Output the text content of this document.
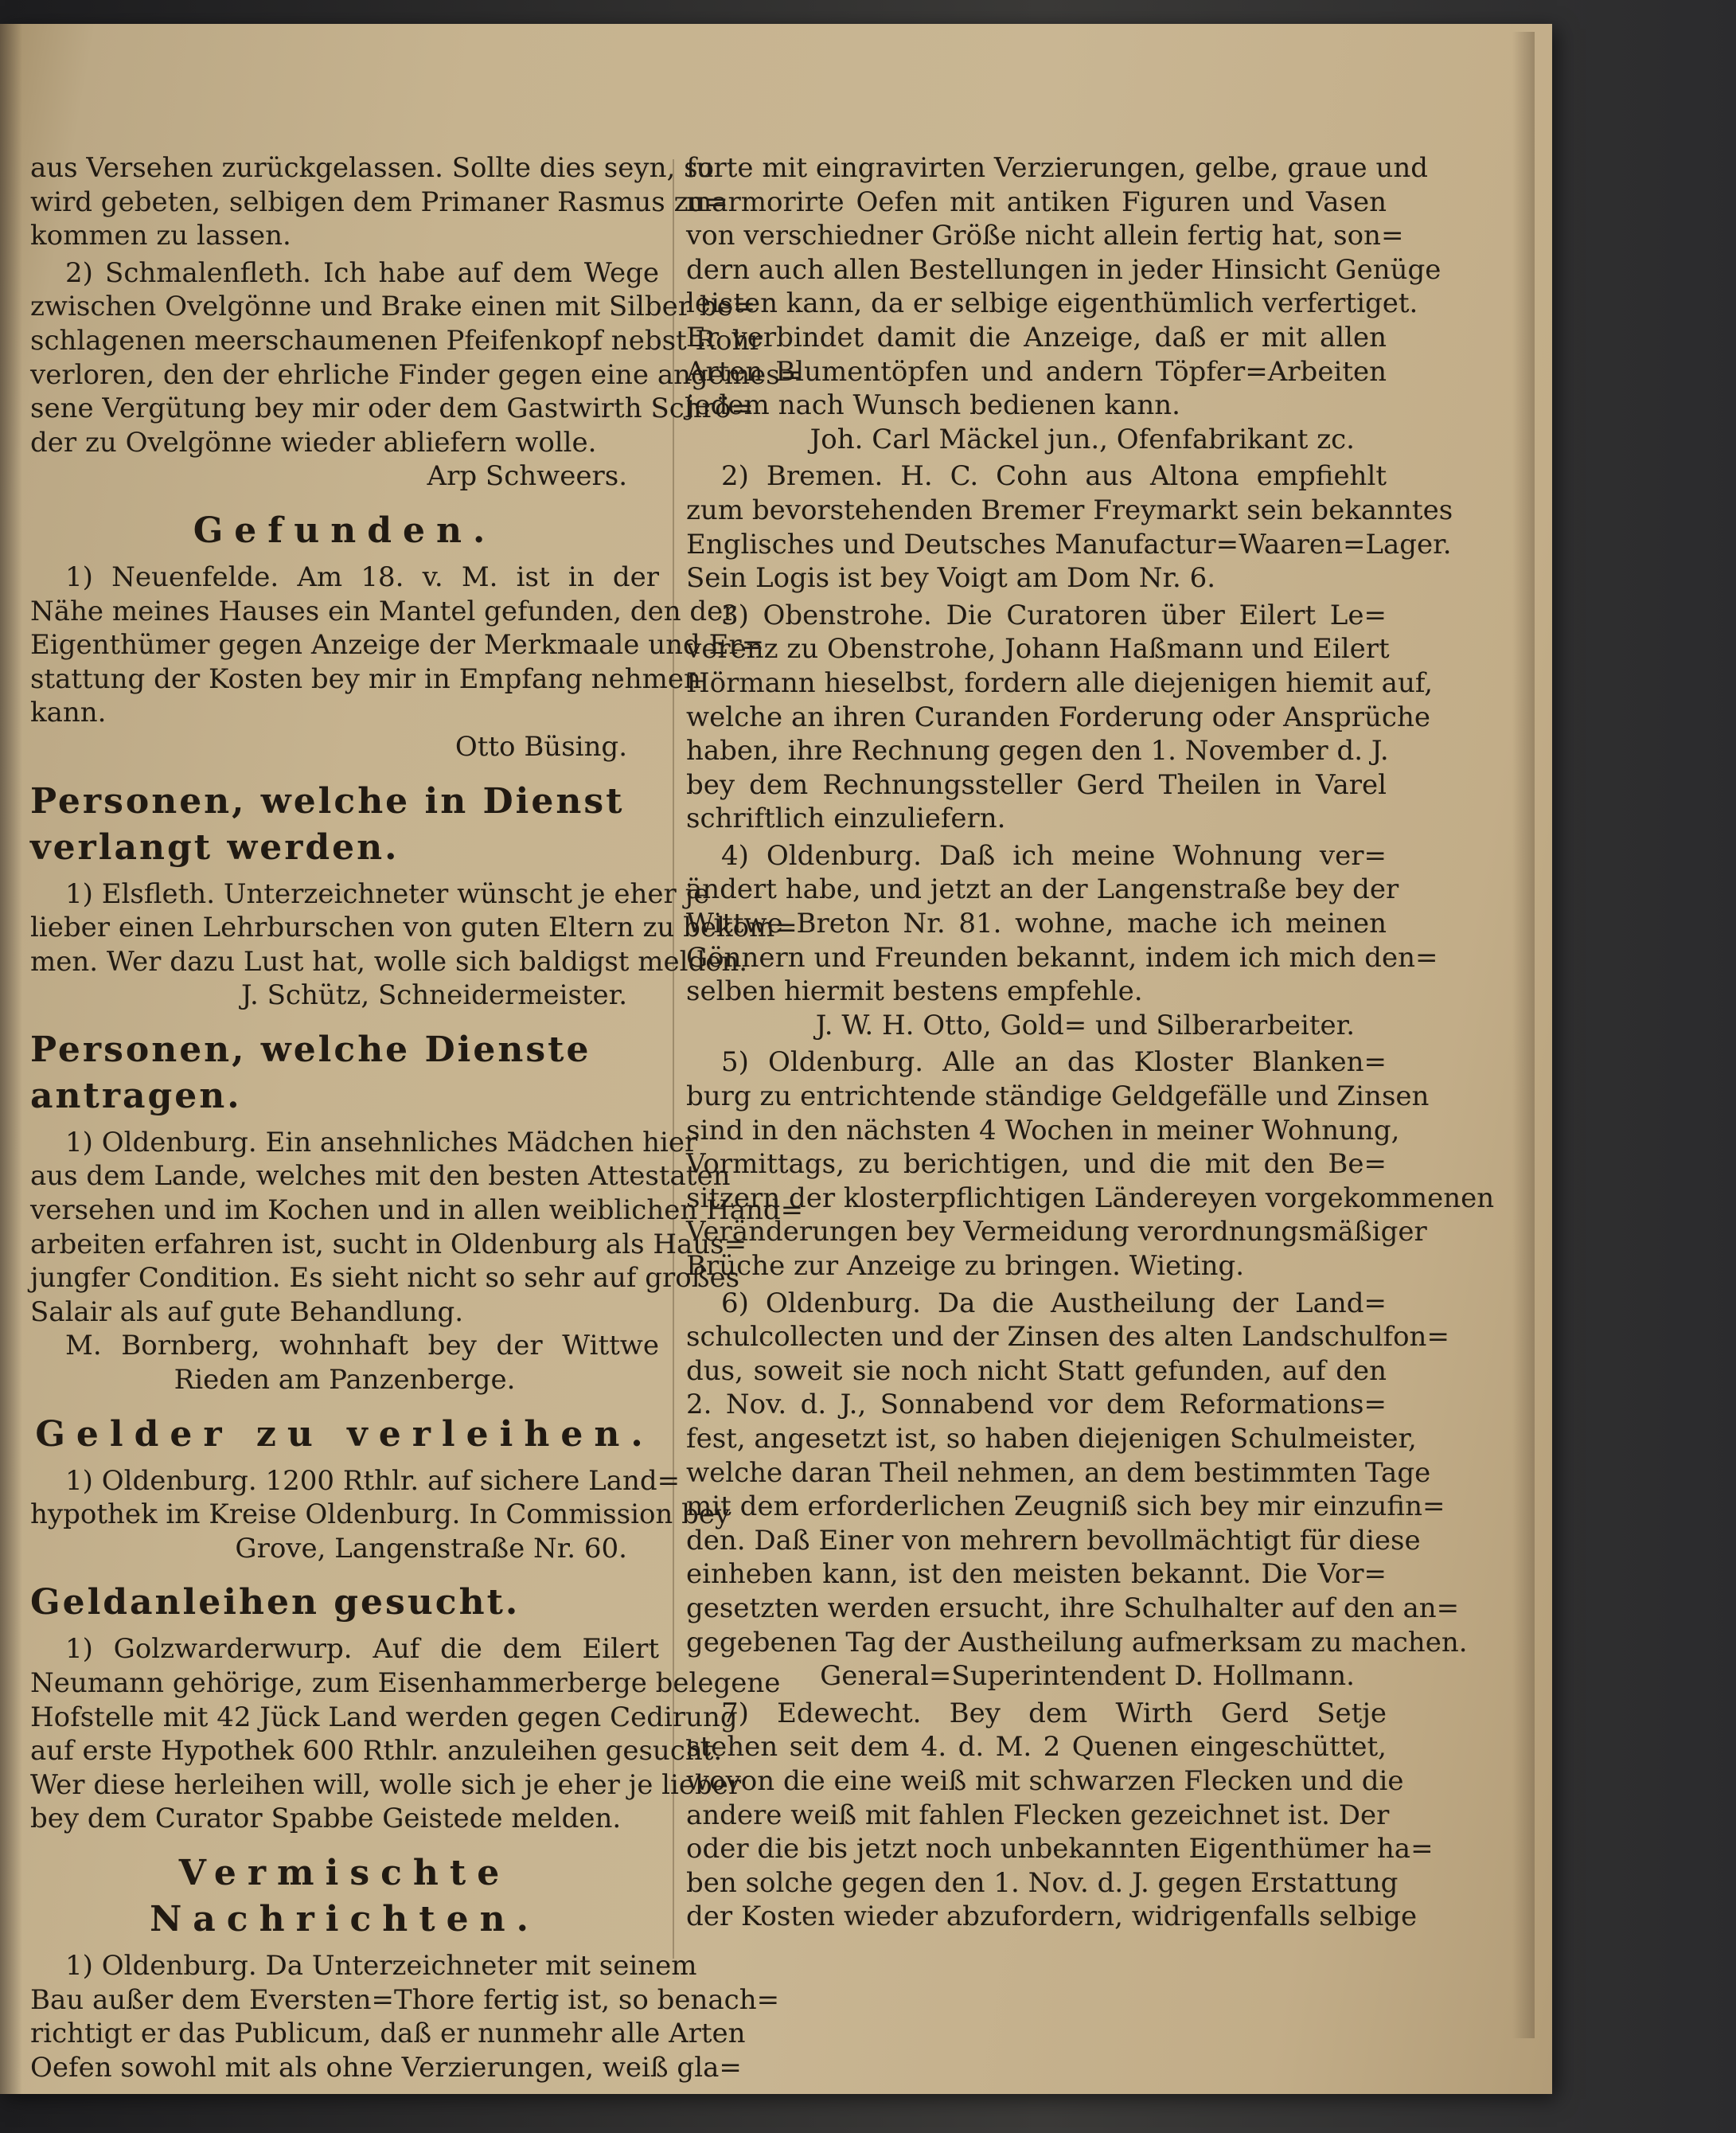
aus Versehen zurückgelassen. Sollte dies seyn, so
wird gebeten, selbigen dem Primaner Rasmus zu=
kommen zu lassen.
2) Schmalenfleth. Ich habe auf dem Wege
zwischen Ovelgönne und Brake einen mit Silber be=
schlagenen meerschaumenen Pfeifenkopf nebst Rohr
verloren, den der ehrliche Finder gegen eine angemes=
sene Vergütung bey mir oder dem Gastwirth Schrö=
der zu Ovelgönne wieder abliefern wolle.
Arp Schweers.
Gefunden.
1) Neuenfelde. Am 18. v. M. ist in der
Nähe meines Hauses ein Mantel gefunden, den der
Eigenthümer gegen Anzeige der Merkmaale und Er=
stattung der Kosten bey mir in Empfang nehmen
kann.
Otto Büsing.
Personen, welche in Dienst verlangt werden.
1) Elsfleth. Unterzeichneter wünscht je eher je
lieber einen Lehrburschen von guten Eltern zu bekom=
men. Wer dazu Lust hat, wolle sich baldigst melden.
J. Schütz, Schneidermeister.
Personen, welche Dienste antragen.
1) Oldenburg. Ein ansehnliches Mädchen hier
aus dem Lande, welches mit den besten Attestaten
versehen und im Kochen und in allen weiblichen Hand=
arbeiten erfahren ist, sucht in Oldenburg als Haus=
jungfer Condition. Es sieht nicht so sehr auf großes
Salair als auf gute Behandlung.
M. Bornberg, wohnhaft bey der Wittwe
Rieden am Panzenberge.
Gelder zu verleihen.
1) Oldenburg. 1200 Rthlr. auf sichere Land=
hypothek im Kreise Oldenburg. In Commission bey
Grove, Langenstraße Nr. 60.
Geldanleihen gesucht.
1) Golzwarderwurp. Auf die dem Eilert
Neumann gehörige, zum Eisenhammerberge belegene
Hofstelle mit 42 Jück Land werden gegen Cedirung
auf erste Hypothek 600 Rthlr. anzuleihen gesucht.
Wer diese herleihen will, wolle sich je eher je lieber
bey dem Curator Spabbe Geistede melden.
Vermischte Nachrichten.
1) Oldenburg. Da Unterzeichneter mit seinem
Bau außer dem Eversten=Thore fertig ist, so benach=
richtigt er das Publicum, daß er nunmehr alle Arten
Oefen sowohl mit als ohne Verzierungen, weiß gla=
furte mit eingravirten Verzierungen, gelbe, graue und
marmorirte Oefen mit antiken Figuren und Vasen
von verschiedner Größe nicht allein fertig hat, son=
dern auch allen Bestellungen in jeder Hinsicht Genüge
leisten kann, da er selbige eigenthümlich verfertiget.
Er verbindet damit die Anzeige, daß er mit allen
Arten Blumentöpfen und andern Töpfer=Arbeiten
jedem nach Wunsch bedienen kann.
Joh. Carl Mäckel jun., Ofenfabrikant zc.
2) Bremen. H. C. Cohn aus Altona empfiehlt
zum bevorstehenden Bremer Freymarkt sein bekanntes
Englisches und Deutsches Manufactur=Waaren=Lager.
Sein Logis ist bey Voigt am Dom Nr. 6.
3) Obenstrohe. Die Curatoren über Eilert Le=
verenz zu Obenstrohe, Johann Haßmann und Eilert
Hörmann hieselbst, fordern alle diejenigen hiemit auf,
welche an ihren Curanden Forderung oder Ansprüche
haben, ihre Rechnung gegen den 1. November d. J.
bey dem Rechnungssteller Gerd Theilen in Varel
schriftlich einzuliefern.
4) Oldenburg. Daß ich meine Wohnung ver=
ändert habe, und jetzt an der Langenstraße bey der
Wittwe Breton Nr. 81. wohne, mache ich meinen
Gönnern und Freunden bekannt, indem ich mich den=
selben hiermit bestens empfehle.
J. W. H. Otto, Gold= und Silberarbeiter.
5) Oldenburg. Alle an das Kloster Blanken=
burg zu entrichtende ständige Geldgefälle und Zinsen
sind in den nächsten 4 Wochen in meiner Wohnung,
Vormittags, zu berichtigen, und die mit den Be=
sitzern der klosterpflichtigen Ländereyen vorgekommenen
Veränderungen bey Vermeidung verordnungsmäßiger
Brüche zur Anzeige zu bringen. Wieting.
6) Oldenburg. Da die Austheilung der Land=
schulcollecten und der Zinsen des alten Landschulfon=
dus, soweit sie noch nicht Statt gefunden, auf den
2. Nov. d. J., Sonnabend vor dem Reformations=
fest, angesetzt ist, so haben diejenigen Schulmeister,
welche daran Theil nehmen, an dem bestimmten Tage
mit dem erforderlichen Zeugniß sich bey mir einzufin=
den. Daß Einer von mehrern bevollmächtigt für diese
einheben kann, ist den meisten bekannt. Die Vor=
gesetzten werden ersucht, ihre Schulhalter auf den an=
gegebenen Tag der Austheilung aufmerksam zu machen.
General=Superintendent D. Hollmann.
7) Edewecht. Bey dem Wirth Gerd Setje
stehen seit dem 4. d. M. 2 Quenen eingeschüttet,
wovon die eine weiß mit schwarzen Flecken und die
andere weiß mit fahlen Flecken gezeichnet ist. Der
oder die bis jetzt noch unbekannten Eigenthümer ha=
ben solche gegen den 1. Nov. d. J. gegen Erstattung
der Kosten wieder abzufordern, widrigenfalls selbige
